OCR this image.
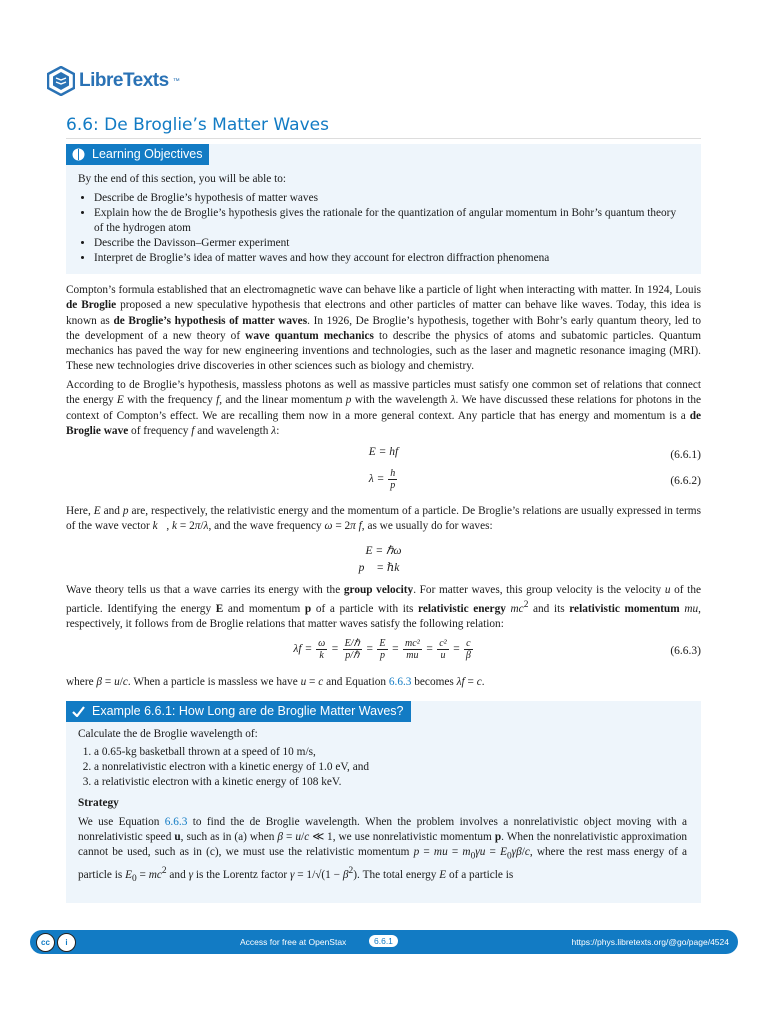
LibreTexts ™
6.6: De Broglie’s Matter Waves
Learning Objectives
By the end of this section, you will be able to:
• Describe de Broglie’s hypothesis of matter waves
• Explain how the de Broglie’s hypothesis gives the rationale for the quantization of angular momentum in Bohr’s quantum theory of the hydrogen atom
• Describe the Davisson–Germer experiment
• Interpret de Broglie’s idea of matter waves and how they account for electron diffraction phenomena
Compton’s formula established that an electromagnetic wave can behave like a particle of light when interacting with matter. In 1924, Louis de Broglie proposed a new speculative hypothesis that electrons and other particles of matter can behave like waves. Today, this idea is known as de Broglie’s hypothesis of matter waves. In 1926, De Broglie’s hypothesis, together with Bohr’s early quantum theory, led to the development of a new theory of wave quantum mechanics to describe the physics of atoms and subatomic particles. Quantum mechanics has paved the way for new engineering inventions and technologies, such as the laser and magnetic resonance imaging (MRI). These new technologies drive discoveries in other sciences such as biology and chemistry.
According to de Broglie’s hypothesis, massless photons as well as massive particles must satisfy one common set of relations that connect the energy E with the frequency f, and the linear momentum p with the wavelength λ. We have discussed these relations for photons in the context of Compton’s effect. We are recalling them now in a more general context. Any particle that has energy and momentum is a de Broglie wave of frequency f and wavelength λ:
E = hf	(6.6.1)
$\lambda = \frac{h}{p}$	(6.6.2)
Here, E and p are, respectively, the relativistic energy and the momentum of a particle. De Broglie’s relations are usually expressed in terms of the wave vector k⃗, k = 2π/λ, and the wave frequency ω = 2π f, as we usually do for waves:
E = ℏω
p⃗ = ℏk⃗
Wave theory tells us that a wave carries its energy with the group velocity. For matter waves, this group velocity is the velocity u of the particle. Identifying the energy E and momentum p of a particle with its relativistic energy $mc^2$ and its relativistic momentum mu, respectively, it follows from de Broglie relations that matter waves satisfy the following relation:
$\lambda f = \frac{\omega}{k} = \frac{\text{E/ℏ}}{\text{p/ℏ}} = \frac{E}{p} = \frac{\text{mc²}}{mu} = \frac{\text{c²}}{u} = \frac{c}{\beta}$	(6.6.3)
where β = u/c. When a particle is massless we have u = c and Equation 6.6.3 becomes λf = c.
Example 6.6.1: How Long are de Broglie Matter Waves?
Calculate the de Broglie wavelength of:
1. a 0.65-kg basketball thrown at a speed of 10 m/s,
2. a nonrelativistic electron with a kinetic energy of 1.0 eV, and
3. a relativistic electron with a kinetic energy of 108 keV.
Strategy
We use Equation 6.6.3 to find the de Broglie wavelength. When the problem involves a nonrelativistic object moving with a nonrelativistic speed u, such as in (a) when β = u/c ≪ 1, we use nonrelativistic momentum p. When the nonrelativistic approximation cannot be used, such as in (c), we must use the relativistic momentum p = mu = $m_0\gamma u = E_0\gamma\beta/c$, where the rest mass energy of a particle is $E_0 = mc^2$ and γ is the Lorentz factor $\gamma = 1/√(1 - \beta^2)$. The total energy E of a particle is
cc	i	Access for free at OpenStax	6.6.1	https://phys.libretexts.org/@go/page/4524
